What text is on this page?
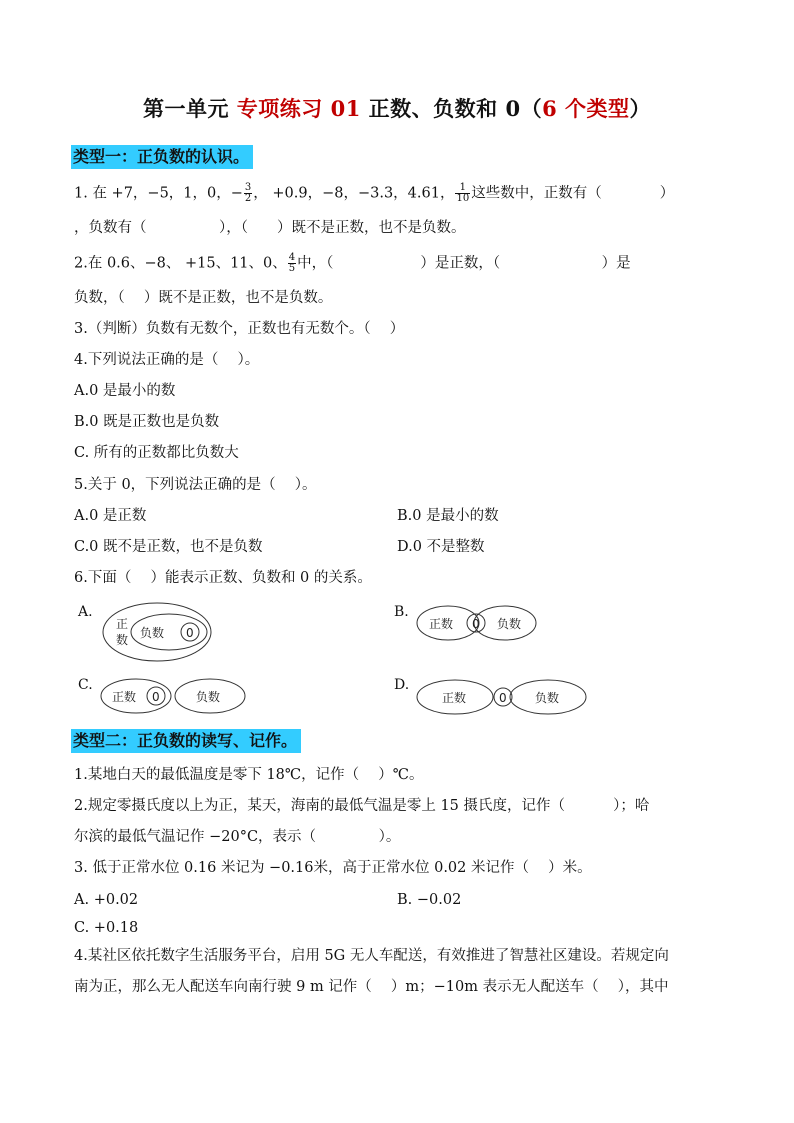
第一单元 专项练习 01 正数、负数和 0（6 个类型）
类型一：正负数的认识。
1. 在 +7，−5，1，0，− $\frac{3}{2}$ ， +0.9，−8，−3.3，4.61， $\frac{1}{10}$ 这些数中，正数有（　　　　）
，负数有（　　　　　），（　　）既不是正数，也不是负数。
2.在 0.6、−8、 +15、11、0、 $\frac{4}{5}$ 中，（　　　　　　）是正数，（　　　　　　　）是
负数，（　 ）既不是正数，也不是负数。
3.（判断）负数有无数个，正数也有无数个。（　 ）
4.下列说法正确的是（　 ）。
A.0 是最小的数
B.0 既是正数也是负数
C. 所有的正数都比负数大
5.关于 0，下列说法正确的是（　 ）。
A.0 是正数	B.0 是最小的数
C.0 既不是正数，也不是负数	D.0 不是整数
6.下面（　 ）能表示正数、负数和 0 的关系。
A.	B.
C.	D.
正
数 负数 0
正数 0 负数
正数 0	负数	正数	0 负数
类型二：正负数的读写、记作。
1.某地白天的最低温度是零下 18℃，记作（　 ）℃。
2.规定零摄氏度以上为正，某天，海南的最低气温是零上 15 摄氏度，记作（　　　 ）；哈
尔滨的最低气温记作 −20°C，表示（　　　　 ）。
3. 低于正常水位 0.16 米记为 −0.16米，高于正常水位 0.02 米记作（　 ）米。
A. +0.02	B. −0.02
C. +0.18
4.某社区依托数字生活服务平台，启用 5G 无人车配送，有效推进了智慧社区建设。若规定向
南为正，那么无人配送车向南行驶 9 m 记作（　 ）m；−10m 表示无人配送车（　 ），其中
